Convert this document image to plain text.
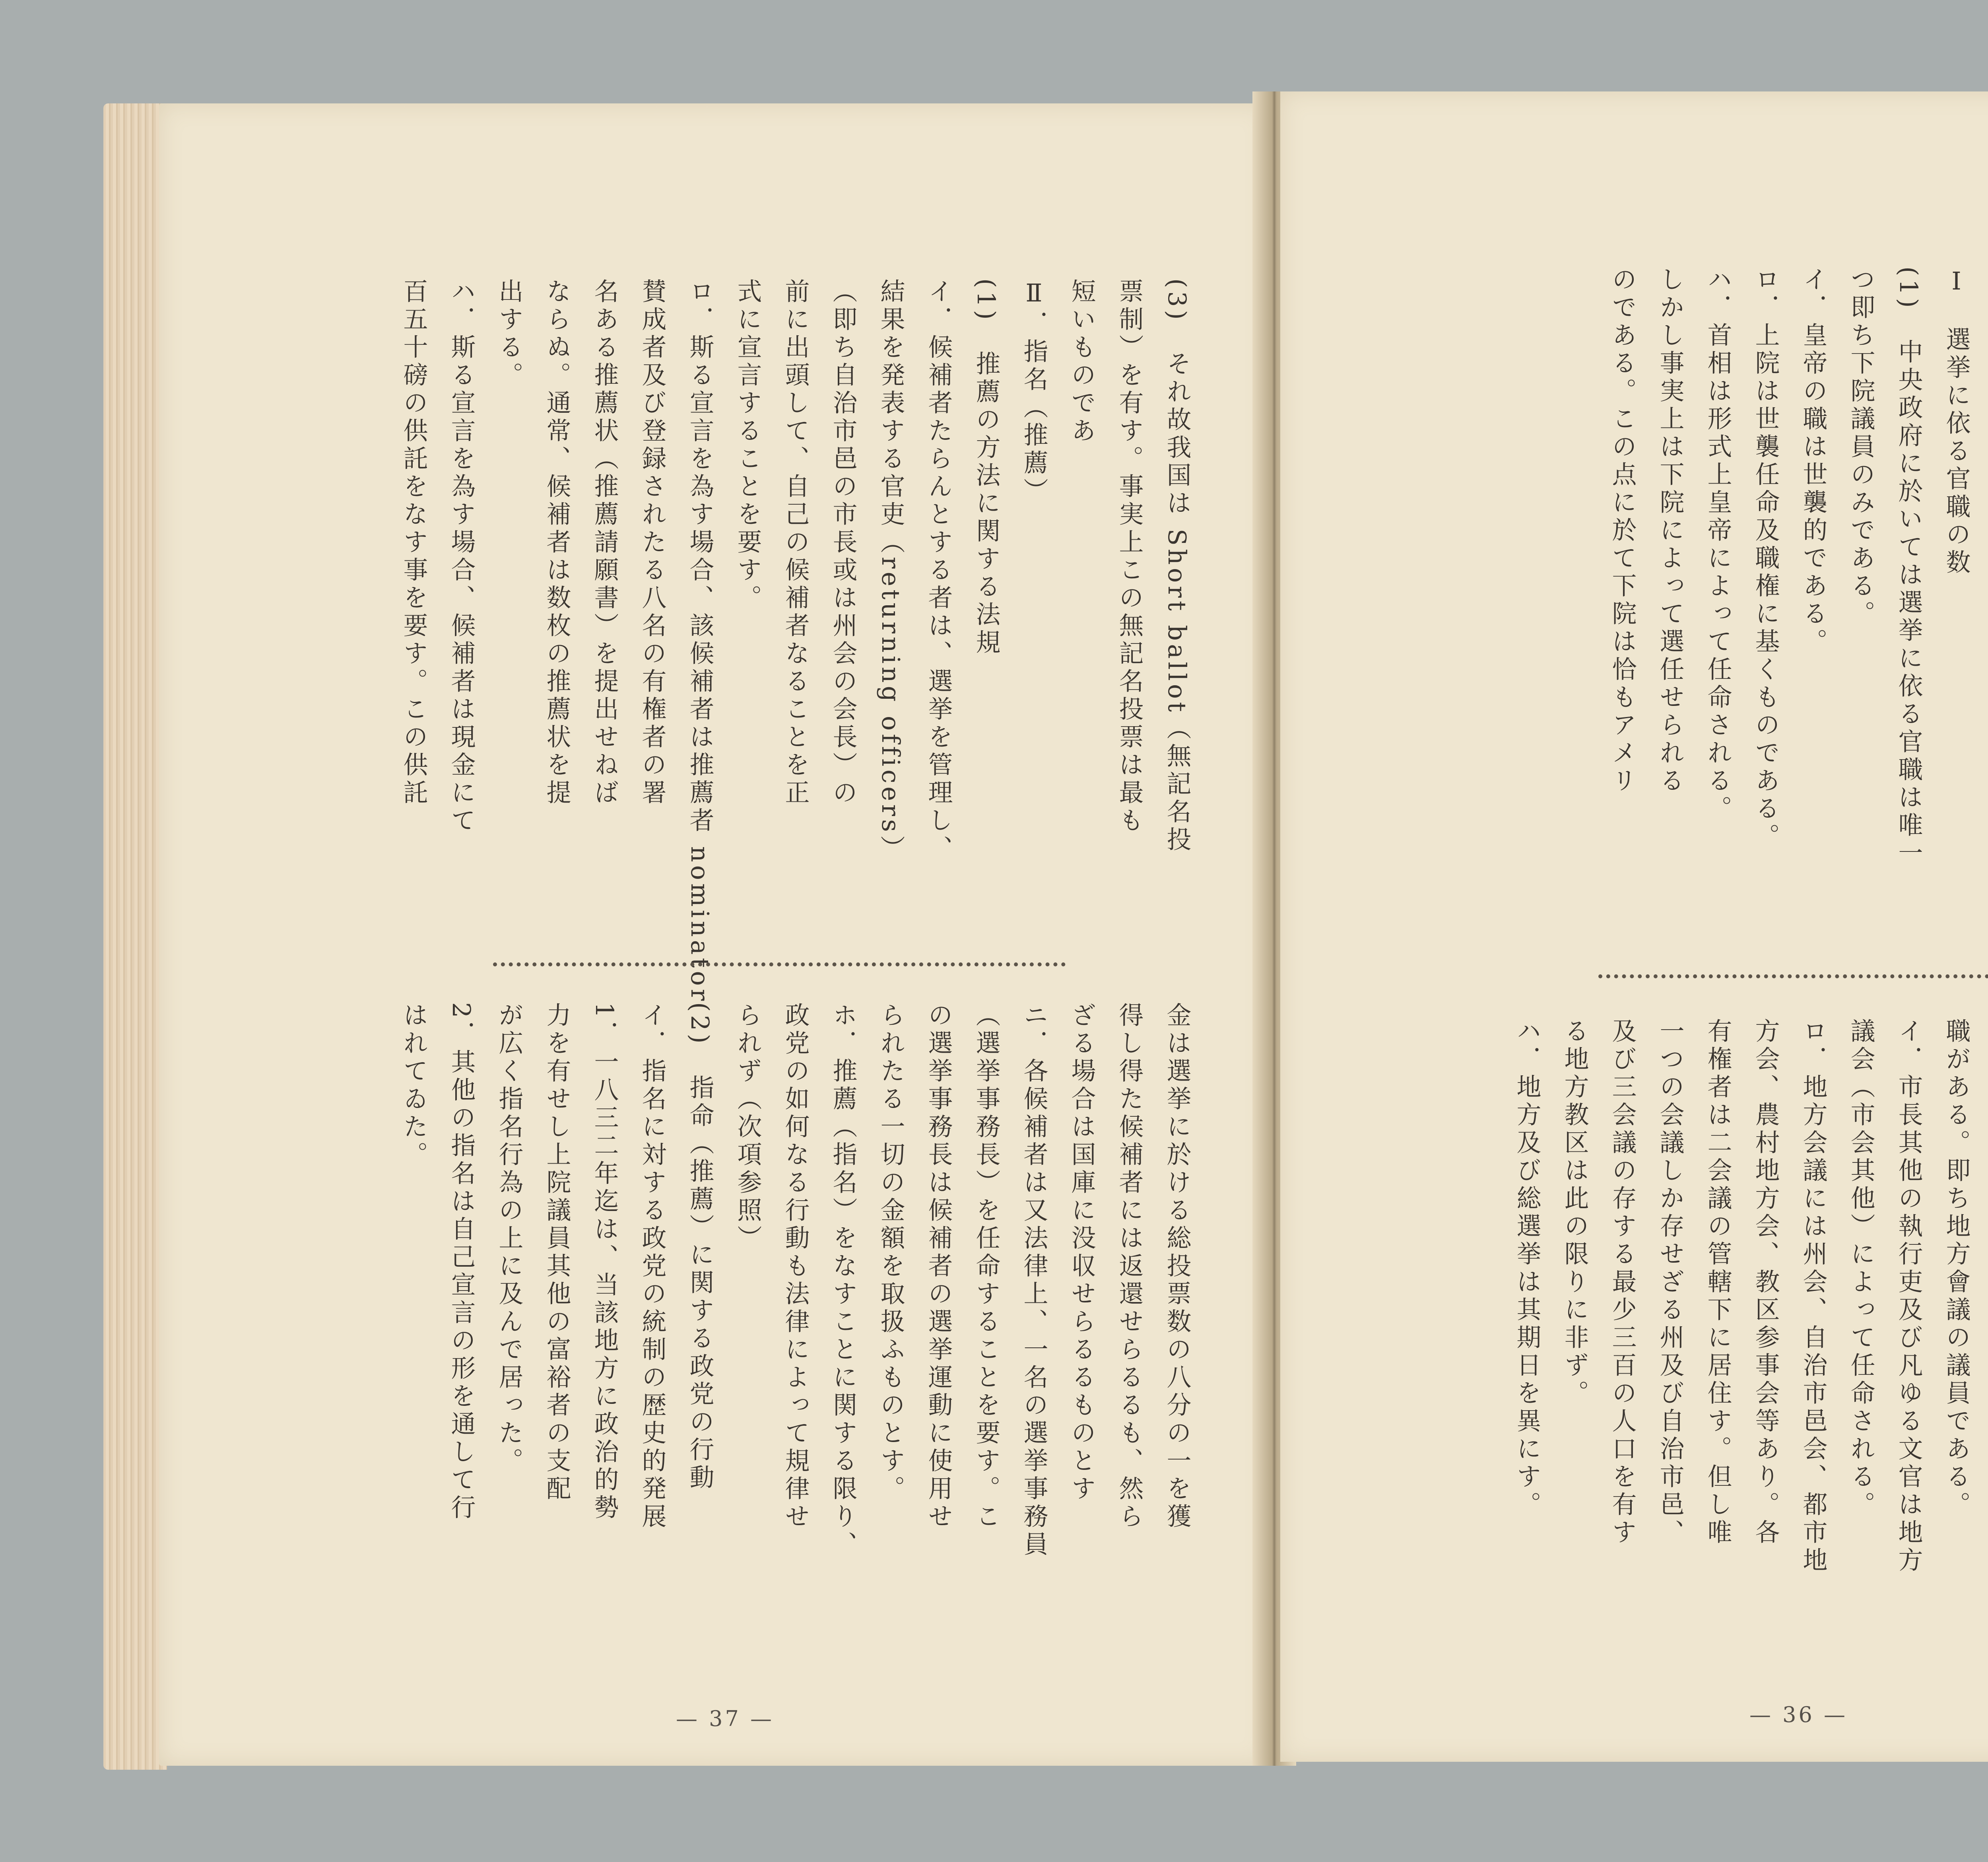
(3)　それ故我国は Short ballot（無記名投

票制）を有す。事実上この無記名投票は最も

短いものであ

Ⅱ．指名（推薦）

(1)　推薦の方法に関する法規

イ．候補者たらんとする者は、選挙を管理し、

結果を発表する官吏（returning officers）

（即ち自治市邑の市長或は州会の会長）の

前に出頭して、自己の候補者なることを正

式に宣言することを要す。

ロ．斯る宣言を為す場合、該候補者は推薦者 nominator

賛成者及び登録されたる八名の有権者の署

名ある推薦状（推薦請願書）を提出せねば

ならぬ。通常、候補者は数枚の推薦状を提

出する。

ハ．斯る宣言を為す場合、候補者は現金にて

百五十磅の供託をなす事を要す。この供託

金は選挙に於ける総投票数の八分の一を獲

得し得た候補者には返還せらるるも、然ら

ざる場合は国庫に没収せらるるものとす

ニ．各候補者は又法律上、一名の選挙事務員

（選挙事務長）を任命することを要す。こ

の選挙事務長は候補者の選挙運動に使用せ

られたる一切の金額を取扱ふものとす。

ホ．推薦（指名）をなすことに関する限り、

政党の如何なる行動も法律によって規律せ

られず（次項参照）

(2)　指命（推薦）に関する政党の行動

イ．指名に対する政党の統制の歴史的発展

1．一八三二年迄は、当該地方に政治的勢

力を有せし上院議員其他の富裕者の支配

が広く指名行為の上に及んで居った。

2．其他の指名は自己宣言の形を通して行

はれてゐた。

— 37 —

Ⅰ　選挙に依る官職の数

(1)　中央政府に於いては選挙に依る官職は唯一

つ即ち下院議員のみである。

イ．皇帝の職は世襲的である。

ロ．上院は世襲任命及職権に基くものである。

ハ．首相は形式上皇帝によって任命される。

しかし事実上は下院によって選任せられる

のである。この点に於て下院は恰もアメリ

職がある。即ち地方會議の議員である。

イ．市長其他の執行吏及び凡ゆる文官は地方

議会（市会其他）によって任命される。

ロ．地方会議には州会、自治市邑会、都市地

方会、農村地方会、教区参事会等あり。各

有権者は二会議の管轄下に居住す。但し唯

一つの会議しか存せざる州及び自治市邑、

及び三会議の存する最少三百の人口を有す

る地方教区は此の限りに非ず。

ハ．地方及び総選挙は其期日を異にす。

— 36 —
